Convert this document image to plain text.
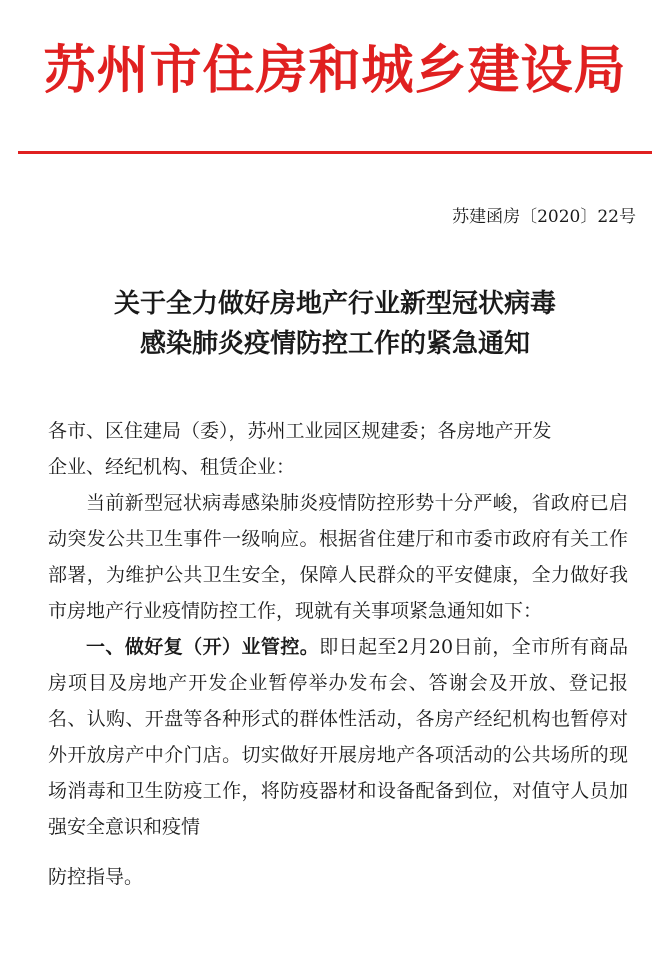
苏州市住房和城乡建设局
苏建函房〔2020〕22号
关于全力做好房地产行业新型冠状病毒
感染肺炎疫情防控工作的紧急通知

各市、区住建局（委），苏州工业园区规建委；各房地产开发

企业、经纪机构、租赁企业：

当前新型冠状病毒感染肺炎疫情防控形势十分严峻，省政府已启动突发公共卫生事件一级响应。根据省住建厅和市委市政府有关工作部署，为维护公共卫生安全，保障人民群众的平安健康，全力做好我市房地产行业疫情防控工作，现就有关事项紧急通知如下：

一、做好复（开）业管控。即日起至2月20日前，全市所有商品房项目及房地产开发企业暂停举办发布会、答谢会及开放、登记报名、认购、开盘等各种形式的群体性活动，各房产经纪机构也暂停对外开放房产中介门店。切实做好开展房地产各项活动的公共场所的现场消毒和卫生防疫工作，将防疫器材和设备配备到位，对值守人员加强安全意识和疫情

防控指导。
